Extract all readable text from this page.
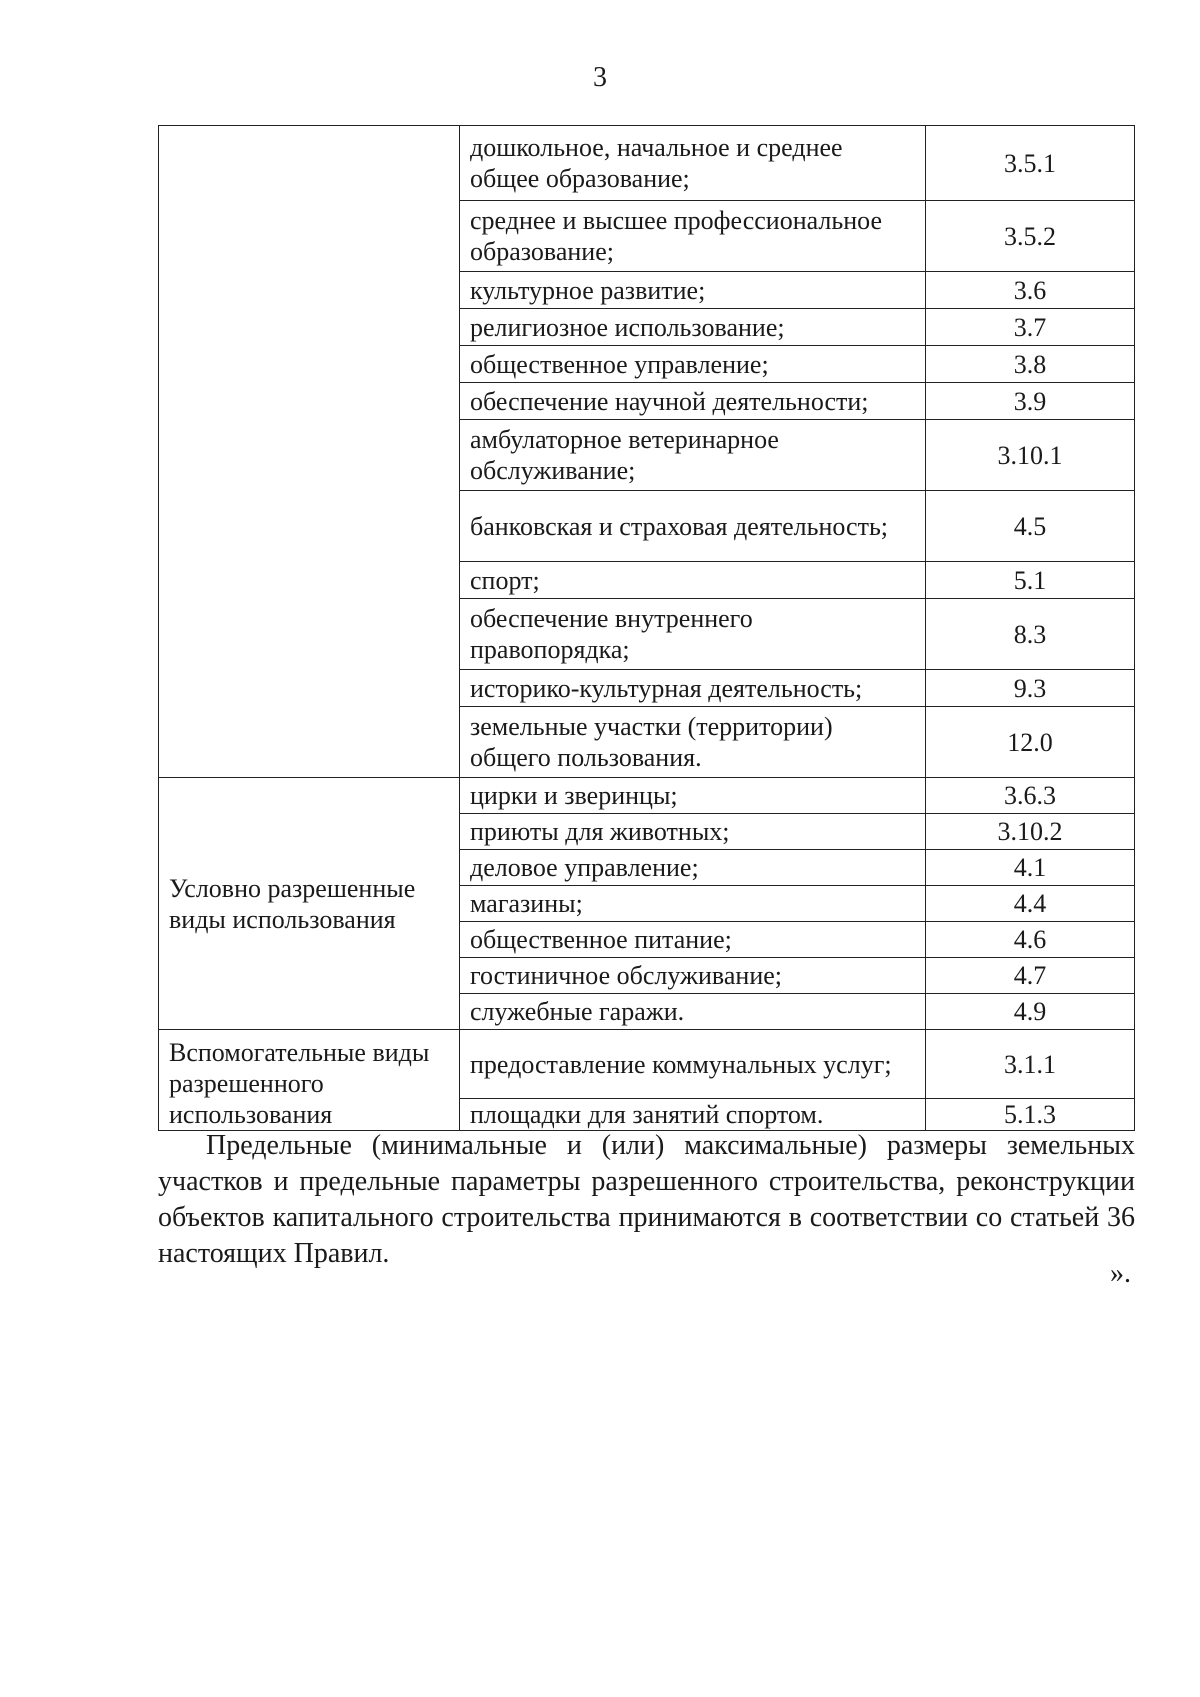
3
	дошкольное, начальное и среднее общее образование;	3.5.1
	среднее и высшее профессиональное образование;	3.5.2
	культурное развитие;	3.6
	религиозное использование;	3.7
	общественное управление;	3.8
	обеспечение научной деятельности;	3.9
	амбулаторное ветеринарное обслуживание;	3.10.1
	банковская и страховая деятельность;	4.5
	спорт;	5.1
	обеспечение внутреннего правопорядка;	8.3
	историко-культурная деятельность;	9.3
	земельные участки (территории) общего пользования.	12.0
Условно разрешенные виды использования	цирки и зверинцы;	3.6.3
	приюты для животных;	3.10.2
	деловое управление;	4.1
	магазины;	4.4
	общественное питание;	4.6
	гостиничное обслуживание;	4.7
	служебные гаражи.	4.9
Вспомогательные виды разрешенного использования	предоставление коммунальных услуг;	3.1.1
	площадки для занятий спортом.	5.1.3

Предельные (минимальные и (или) максимальные) размеры земельных участков и предельные параметры разрешенного строительства, реконструкции объектов капитального строительства принимаются в соответствии со статьей 36 настоящих Правил.

».
